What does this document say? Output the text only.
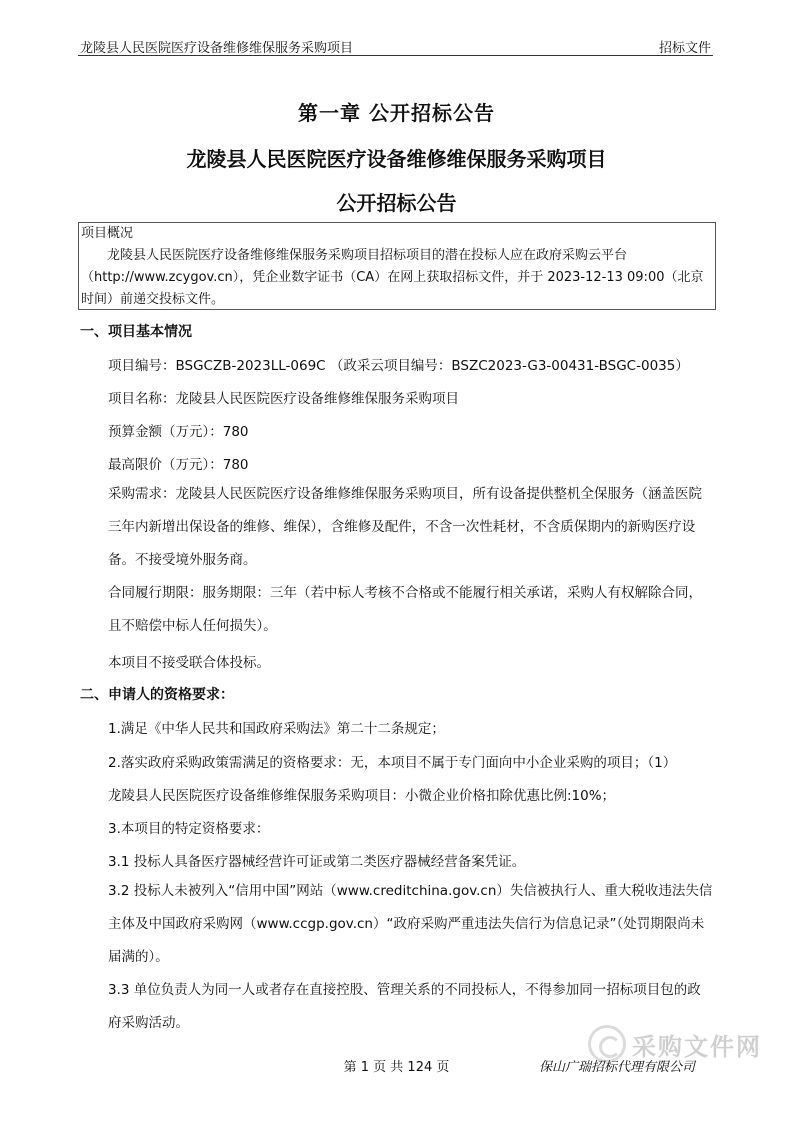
龙陵县人民医院医疗设备维修维保服务采购项目	招标文件
第一章 公开招标公告
龙陵县人民医院医疗设备维修维保服务采购项目
公开招标公告
项目概况
龙陵县人民医院医疗设备维修维保服务采购项目招标项目的潜在投标人应在政府采购云平台（http://www.zcygov.cn），凭企业数字证书（CA）在网上获取招标文件，并于 2023-12-13 09:00（北京时间）前递交投标文件。
一、项目基本情况
项目编号：BSGCZB-2023LL-069C （政采云项目编号：BSZC2023-G3-00431-BSGC-0035）
项目名称：龙陵县人民医院医疗设备维修维保服务采购项目
预算金额（万元）：780
最高限价（万元）：780
采购需求：龙陵县人民医院医疗设备维修维保服务采购项目，所有设备提供整机全保服务（涵盖医院三年内新增出保设备的维修、维保），含维修及配件，不含一次性耗材，不含质保期内的新购医疗设备。不接受境外服务商。
合同履行期限：服务期限：三年（若中标人考核不合格或不能履行相关承诺，采购人有权解除合同，且不赔偿中标人任何损失）。
本项目不接受联合体投标。
二、申请人的资格要求：
1.满足《中华人民共和国政府采购法》第二十二条规定；
2.落实政府采购政策需满足的资格要求：无，本项目不属于专门面向中小企业采购的项目；（1）
龙陵县人民医院医疗设备维修维保服务采购项目：小微企业价格扣除优惠比例:10%；
3.本项目的特定资格要求：
3.1 投标人具备医疗器械经营许可证或第二类医疗器械经营备案凭证。
3.2 投标人未被列入“信用中国”网站（www.creditchina.gov.cn）失信被执行人、重大税收违法失信主体及中国政府采购网（www.ccgp.gov.cn）“政府采购严重违法失信行为信息记录”（处罚期限尚未届满的）。
3.3 单位负责人为同一人或者存在直接控股、管理关系的不同投标人，不得参加同一招标项目包的政府采购活动。
采购文件网
第 1 页 共 124 页	保山广瑞招标代理有限公司
